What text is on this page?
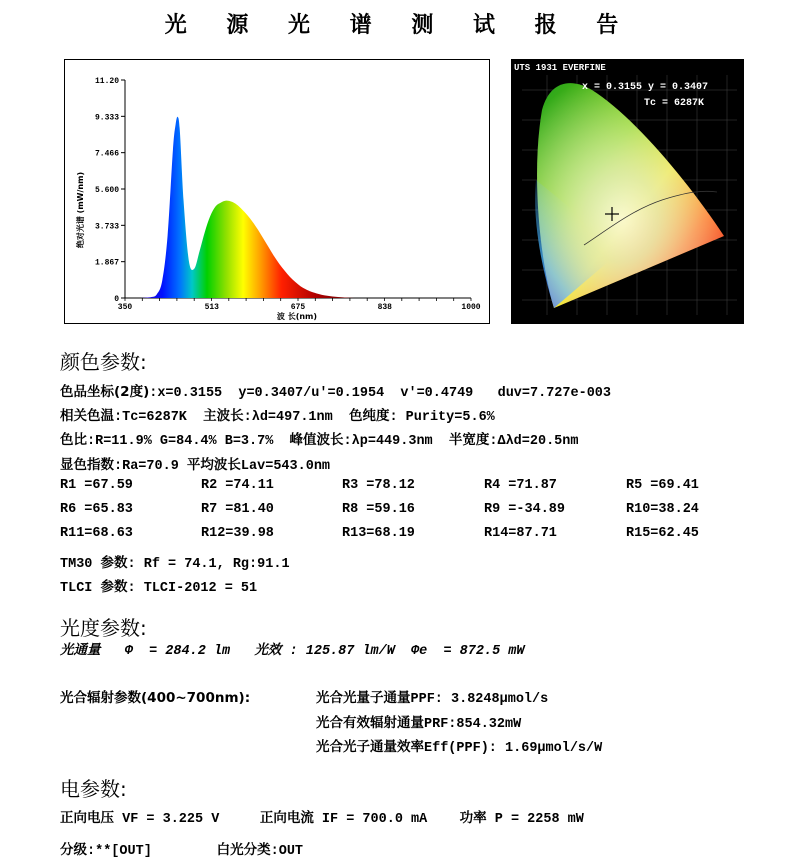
光 源 光 谱 测 试 报 告
11.20
9.333
7.466
5.600
3.733
1.867
0
350	513	675	838	1000
绝对光谱 (mW/nm)
波 长(nm)
UTS 1931 EVERFINE
x = 0.3155 y = 0.3407
Tc = 6287K
颜色参数:
色品坐标(2度):x=0.3155  y=0.3407/u'=0.1954  v'=0.4749   duv=7.727e-003
相关色温:Tc=6287K  主波长:λd=497.1nm  色纯度: Purity=5.6%
色比:R=11.9% G=84.4% B=3.7%  峰值波长:λp=449.3nm  半宽度:Δλd=20.5nm
显色指数:Ra=70.9 平均波长Lav=543.0nm
R1 =67.59	R2 =74.11	R3 =78.12	R4 =71.87	R5 =69.41
R6 =65.83	R7 =81.40	R8 =59.16	R9 =-34.89	R10=38.24
R11=68.63	R12=39.98	R13=68.19	R14=87.71	R15=62.45
TM30 参数: Rf = 74.1, Rg:91.1
TLCI 参数: TLCI-2012 = 51
光度参数:
光通量   Φ  = 284.2 lm   光效 : 125.87 lm/W  Φe  = 872.5 mW
光合辐射参数(400~700nm):	光合光量子通量PPF: 3.8248μmol/s
光合有效辐射通量PRF:854.32mW
光合光子通量效率Eff(PPF): 1.69μmol/s/W
电参数:
正向电压 VF = 3.225 V     正向电流 IF = 700.0 mA    功率 P = 2258 mW
分级:**[OUT]        白光分类:OUT
